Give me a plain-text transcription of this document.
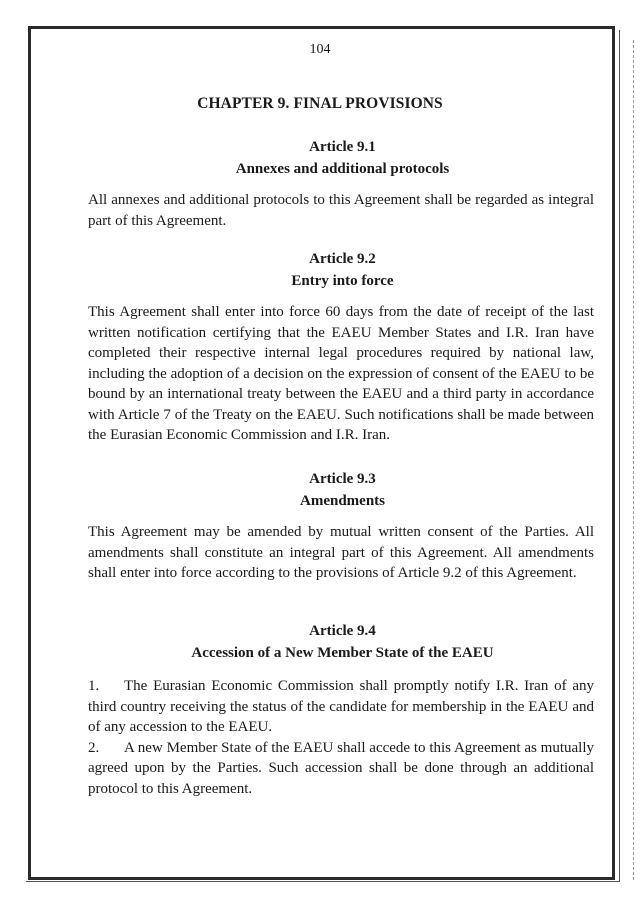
104
CHAPTER 9. FINAL PROVISIONS
Article 9.1
Annexes and additional protocols

All annexes and additional protocols to this Agreement shall be regarded as integral part of this Agreement.

Article 9.2
Entry into force

This Agreement shall enter into force 60 days from the date of receipt of the last written notification certifying that the EAEU Member States and I.R. Iran have completed their respective internal legal procedures required by national law, including the adoption of a decision on the expression of consent of the EAEU to be bound by an international treaty between the EAEU and a third party in accordance with Article 7 of the Treaty on the EAEU. Such notifications shall be made between the Eurasian Economic Commission and I.R. Iran.

Article 9.3
Amendments

This Agreement may be amended by mutual written consent of the Parties. All amendments shall constitute an integral part of this Agreement. All amendments shall enter into force according to the provisions of Article 9.2 of this Agreement.

Article 9.4
Accession of a New Member State of the EAEU

1. The Eurasian Economic Commission shall promptly notify I.R. Iran of any third country receiving the status of the candidate for membership in the EAEU and of any accession to the EAEU.

2. A new Member State of the EAEU shall accede to this Agreement as mutually agreed upon by the Parties. Such accession shall be done through an additional protocol to this Agreement.
